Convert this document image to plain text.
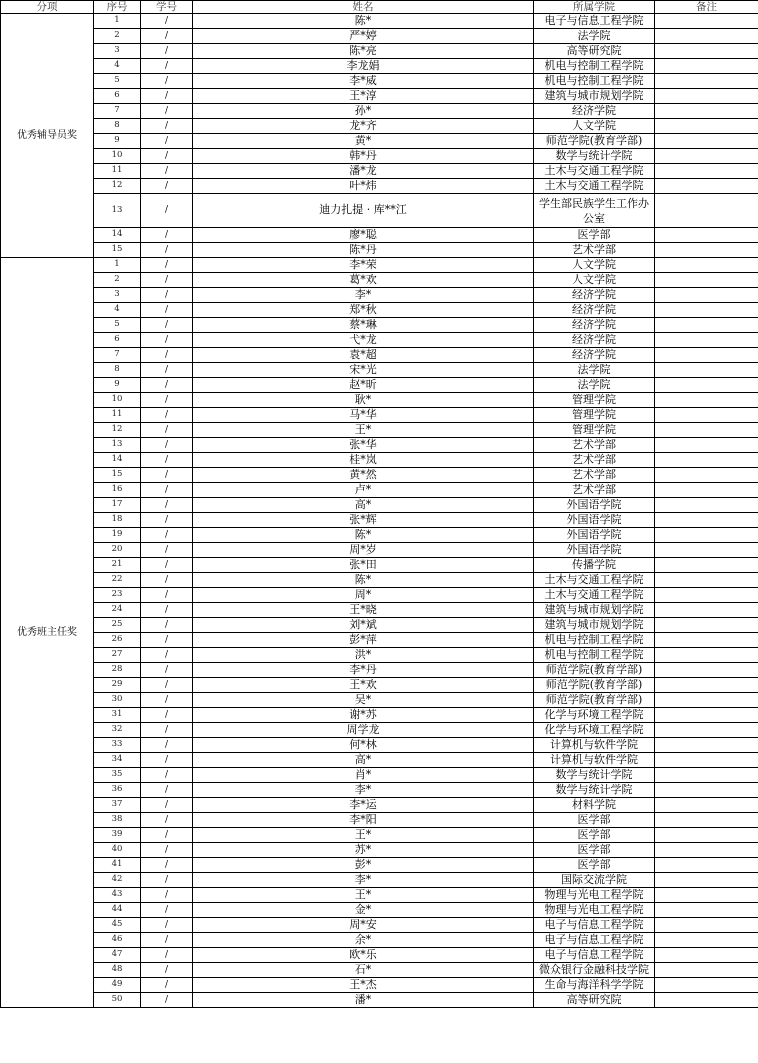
分项	序号	学号	姓名	所属学院	备注
优秀辅导员奖	1	/	陈*	电子与信息工程学院	
	2	/	严*婷	法学院	
	3	/	陈*亮	高等研究院	
	4	/	李龙娟	机电与控制工程学院	
	5	/	李*威	机电与控制工程学院	
	6	/	王*淳	建筑与城市规划学院	
	7	/	孙*	经济学院	
	8	/	龙*齐	人文学院	
	9	/	黄*	师范学院(教育学部)	
	10	/	韩*丹	数学与统计学院	
	11	/	潘*龙	土木与交通工程学院	
	12	/	叶*炜	土木与交通工程学院	
	13	/	迪力扎提 · 库**江	学生部民族学生工作办公室	
	14	/	廖*聪	医学部	
	15	/	陈*丹	艺术学部	
优秀班主任奖	1	/	李*荣	人文学院	
	2	/	葛*欢	人文学院	
	3	/	李*	经济学院	
	4	/	郑*秋	经济学院	
	5	/	蔡*琳	经济学院	
	6	/	弋*龙	经济学院	
	7	/	袁*超	经济学院	
	8	/	宋*光	法学院	
	9	/	赵*昕	法学院	
	10	/	耿*	管理学院	
	11	/	马*华	管理学院	
	12	/	王*	管理学院	
	13	/	张*华	艺术学部	
	14	/	桂*岚	艺术学部	
	15	/	黄*然	艺术学部	
	16	/	卢*	艺术学部	
	17	/	高*	外国语学院	
	18	/	张*辉	外国语学院	
	19	/	陈*	外国语学院	
	20	/	周*岁	外国语学院	
	21	/	张*田	传播学院	
	22	/	陈*	土木与交通工程学院	
	23	/	周*	土木与交通工程学院	
	24	/	王*晓	建筑与城市规划学院	
	25	/	刘*斌	建筑与城市规划学院	
	26	/	彭*萍	机电与控制工程学院	
	27	/	洪*	机电与控制工程学院	
	28	/	李*丹	师范学院(教育学部)	
	29	/	王*欢	师范学院(教育学部)	
	30	/	吴*	师范学院(教育学部)	
	31	/	谢*苏	化学与环境工程学院	
	32	/	周学龙	化学与环境工程学院	
	33	/	何*林	计算机与软件学院	
	34	/	高*	计算机与软件学院	
	35	/	肖*	数学与统计学院	
	36	/	李*	数学与统计学院	
	37	/	李*运	材料学院	
	38	/	李*阳	医学部	
	39	/	王*	医学部	
	40	/	苏*	医学部	
	41	/	彭*	医学部	
	42	/	李*	国际交流学院	
	43	/	王*	物理与光电工程学院	
	44	/	金*	物理与光电工程学院	
	45	/	周*安	电子与信息工程学院	
	46	/	余*	电子与信息工程学院	
	47	/	欧*乐	电子与信息工程学院	
	48	/	石*	微众银行金融科技学院	
	49	/	王*杰	生命与海洋科学学院	
	50	/	潘*	高等研究院	
